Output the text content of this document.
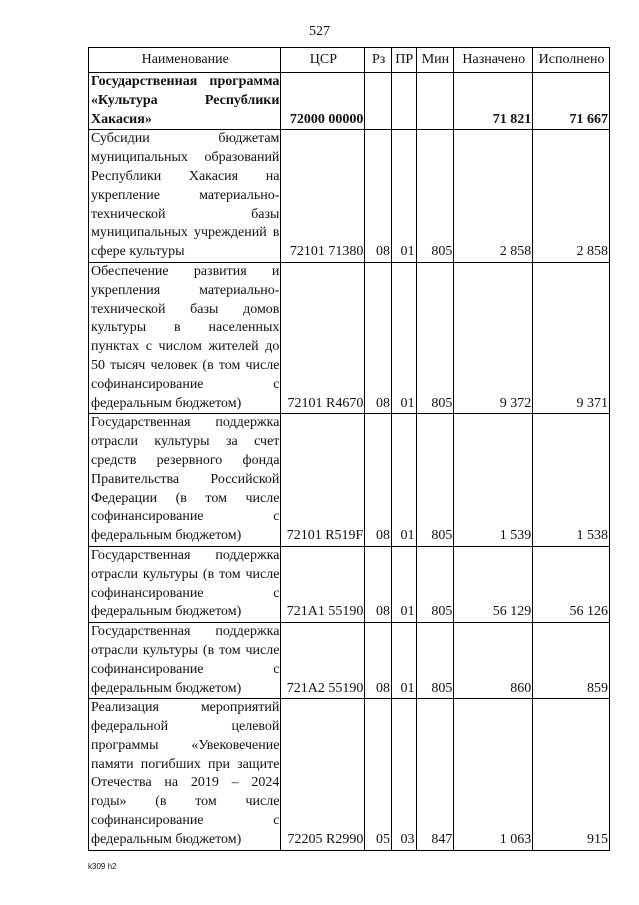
527
Наименование	ЦСР	Рз	ПР	Мин	Назначено	Исполнено
Государственная программа «Культура Республики Хакасия»	72000 00000				71 821	71 667
Субсидии бюджетам муниципальных образований Республики Хакасия на укрепление материально-технической базы муниципальных учреждений в сфере культуры	72101 71380	08	01	805	2 858	2 858
Обеспечение развития и укрепления материально-технической базы домов культуры в населенных пунктах с числом жителей до 50 тысяч человек (в том числе софинансирование с федеральным бюджетом)	72101 R4670	08	01	805	9 372	9 371
Государственная поддержка отрасли культуры за счет средств резервного фонда Правительства Российской Федерации (в том числе софинансирование с федеральным бюджетом)	72101 R519F	08	01	805	1 539	1 538
Государственная поддержка отрасли культуры (в том числе софинансирование с федеральным бюджетом)	721A1 55190	08	01	805	56 129	56 126
Государственная поддержка отрасли культуры (в том числе софинансирование с федеральным бюджетом)	721A2 55190	08	01	805	860	859
Реализация мероприятий федеральной целевой программы «Увековечение памяти погибших при защите Отечества на 2019 – 2024 годы» (в том числе софинансирование с федеральным бюджетом)	72205 R2990	05	03	847	1 063	915
k309 h2
